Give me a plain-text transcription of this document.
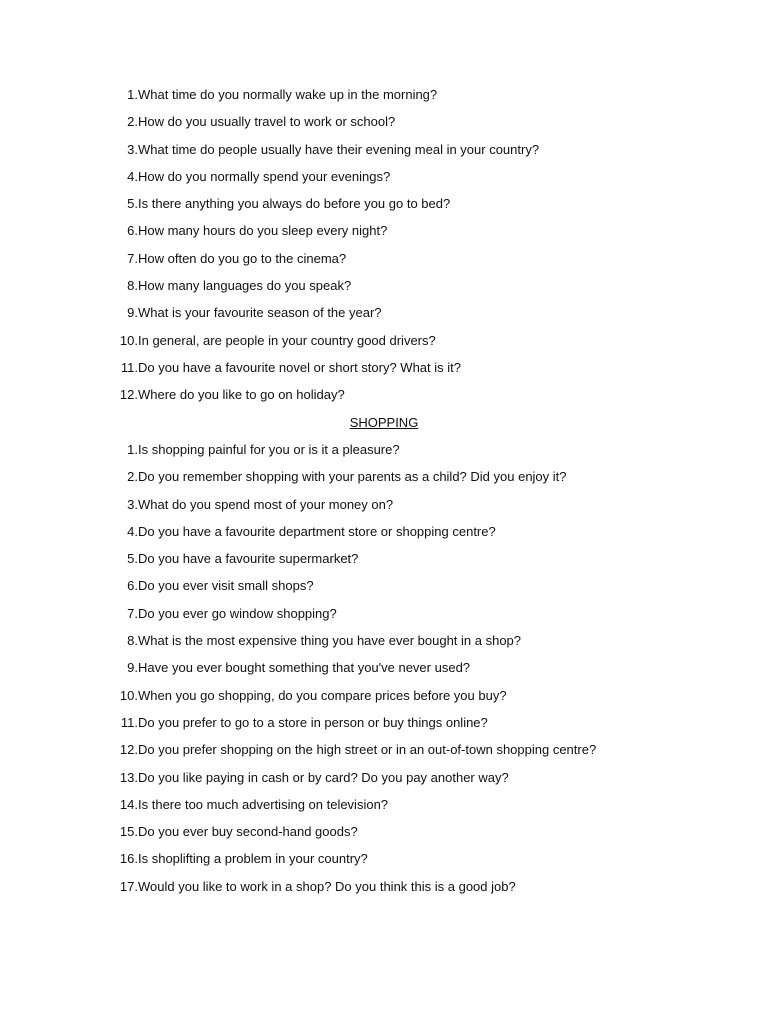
1. What time do you normally wake up in the morning?
2. How do you usually travel to work or school?
3. What time do people usually have their evening meal in your country?
4. How do you normally spend your evenings?
5. Is there anything you always do before you go to bed?
6. How many hours do you sleep every night?
7. How often do you go to the cinema?
8. How many languages do you speak?
9. What is your favourite season of the year?
10. In general, are people in your country good drivers?
11. Do you have a favourite novel or short story? What is it?
12. Where do you like to go on holiday?
SHOPPING
1. Is shopping painful for you or is it a pleasure?
2. Do you remember shopping with your parents as a child? Did you enjoy it?
3. What do you spend most of your money on?
4. Do you have a favourite department store or shopping centre?
5. Do you have a favourite supermarket?
6. Do you ever visit small shops?
7. Do you ever go window shopping?
8. What is the most expensive thing you have ever bought in a shop?
9. Have you ever bought something that you've never used?
10. When you go shopping, do you compare prices before you buy?
11. Do you prefer to go to a store in person or buy things online?
12. Do you prefer shopping on the high street or in an out-of-town shopping centre?
13. Do you like paying in cash or by card? Do you pay another way?
14. Is there too much advertising on television?
15. Do you ever buy second-hand goods?
16. Is shoplifting a problem in your country?
17. Would you like to work in a shop? Do you think this is a good job?
